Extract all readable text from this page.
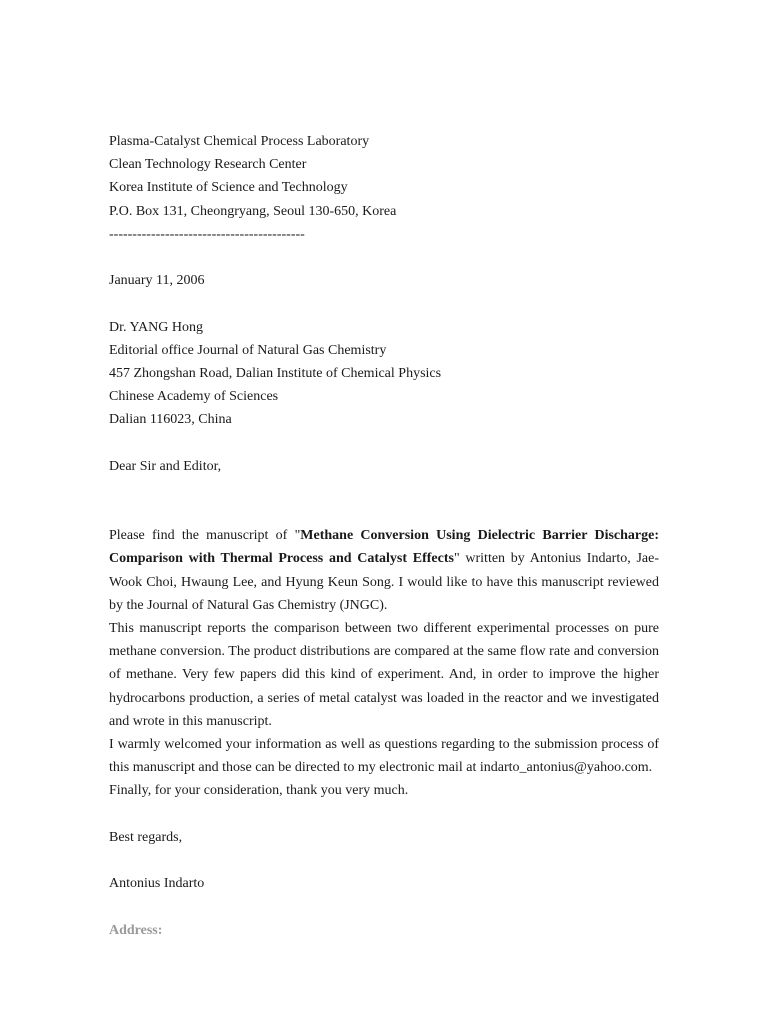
Plasma-Catalyst Chemical Process Laboratory
Clean Technology Research Center
Korea Institute of Science and Technology
P.O. Box 131, Cheongryang, Seoul 130-650, Korea
------------------------------------------
January 11, 2006
Dr. YANG Hong
Editorial office Journal of Natural Gas Chemistry
457 Zhongshan Road, Dalian Institute of Chemical Physics
Chinese Academy of Sciences
Dalian 116023, China
Dear Sir and Editor,
Please find the manuscript of "Methane Conversion Using Dielectric Barrier Discharge: Comparison with Thermal Process and Catalyst Effects" written by Antonius Indarto, Jae-Wook Choi, Hwaung Lee, and Hyung Keun Song. I would like to have this manuscript reviewed by the Journal of Natural Gas Chemistry (JNGC).
This manuscript reports the comparison between two different experimental processes on pure methane conversion. The product distributions are compared at the same flow rate and conversion of methane. Very few papers did this kind of experiment. And, in order to improve the higher hydrocarbons production, a series of metal catalyst was loaded in the reactor and we investigated and wrote in this manuscript.
I warmly welcomed your information as well as questions regarding to the submission process of this manuscript and those can be directed to my electronic mail at indarto_antonius@yahoo.com.
Finally, for your consideration, thank you very much.
Best regards,
Antonius Indarto
Address:
